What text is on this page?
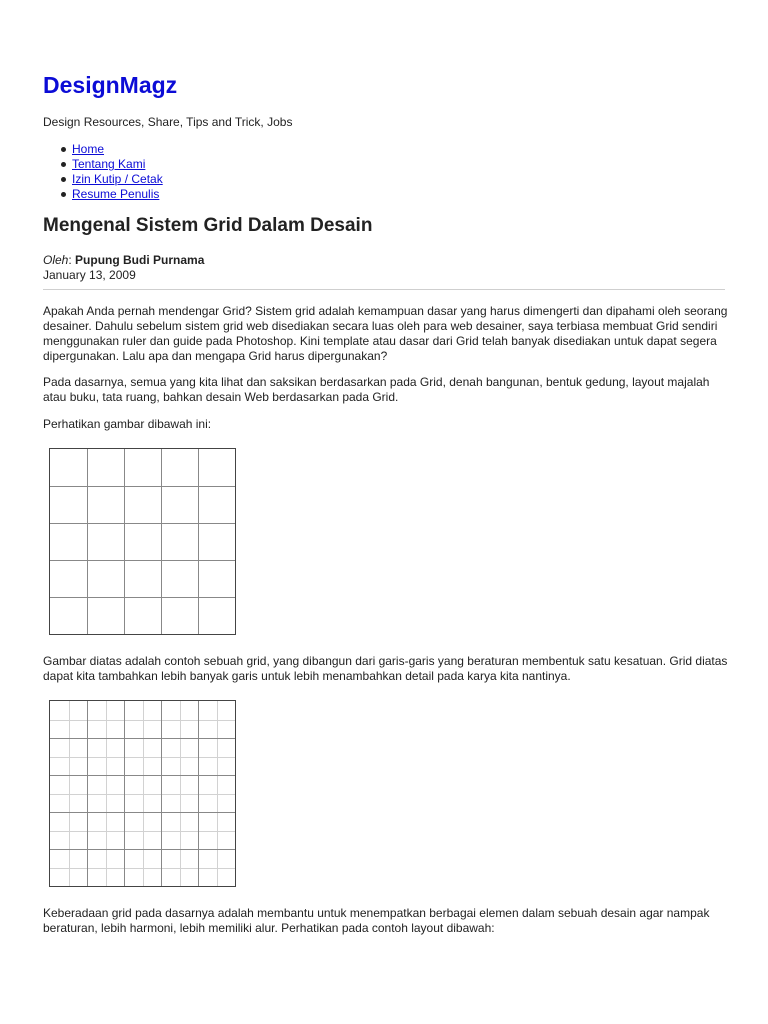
DesignMagz

Design Resources, Share, Tips and Trick, Jobs

Home
Tentang Kami
Izin Kutip / Cetak
Resume Penulis
Mengenal Sistem Grid Dalam Desain

Oleh: Pupung Budi Purnama

January 13, 2009

Apakah Anda pernah mendengar Grid? Sistem grid adalah kemampuan dasar yang harus dimengerti dan dipahami oleh seorang desainer. Dahulu sebelum sistem grid web disediakan secara luas oleh para web desainer, saya terbiasa membuat Grid sendiri menggunakan ruler dan guide pada Photoshop. Kini template atau dasar dari Grid telah banyak disediakan untuk dapat segera dipergunakan. Lalu apa dan mengapa Grid harus dipergunakan?

Pada dasarnya, semua yang kita lihat dan saksikan berdasarkan pada Grid, denah bangunan, bentuk gedung, layout majalah atau buku, tata ruang, bahkan desain Web berdasarkan pada Grid.

Perhatikan gambar dibawah ini:

Gambar diatas adalah contoh sebuah grid, yang dibangun dari garis-garis yang beraturan membentuk satu kesatuan. Grid diatas dapat kita tambahkan lebih banyak garis untuk lebih menambahkan detail pada karya kita nantinya.

Keberadaan grid pada dasarnya adalah membantu untuk menempatkan berbagai elemen dalam sebuah desain agar nampak beraturan, lebih harmoni, lebih memiliki alur. Perhatikan pada contoh layout dibawah:
